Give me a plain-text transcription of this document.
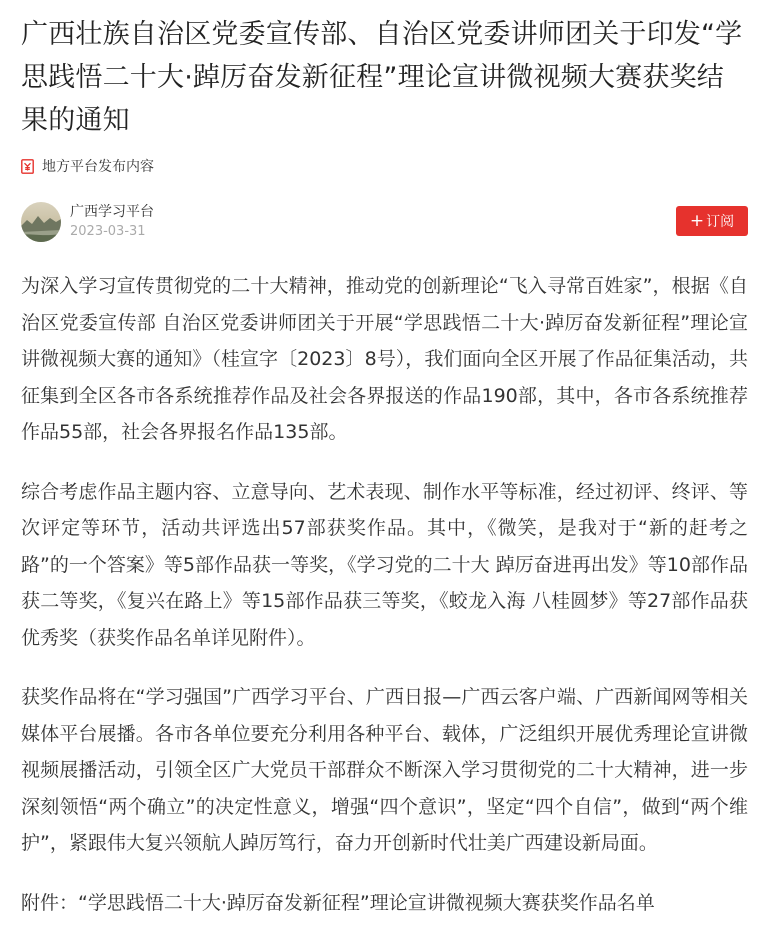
广西壮族自治区党委宣传部、自治区党委讲师团关于印发“学思践悟二十大·踔厉奋发新征程”理论宣讲微视频大赛获奖结果的通知
地方平台发布内容
广西学习平台
2023-03-31
+ 订阅

为深入学习宣传贯彻党的二十大精神，推动党的创新理论“飞入寻常百姓家”，根据《自治区党委宣传部 自治区党委讲师团关于开展“学思践悟二十大·踔厉奋发新征程”理论宣讲微视频大赛的通知》（桂宣字〔2023〕8号），我们面向全区开展了作品征集活动，共征集到全区各市各系统推荐作品及社会各界报送的作品190部，其中，各市各系统推荐作品55部，社会各界报名作品135部。

综合考虑作品主题内容、立意导向、艺术表现、制作水平等标准，经过初评、终评、等次评定等环节，活动共评选出57部获奖作品。其中，《微笑，是我对于“新的赶考之路”的一个答案》等5部作品获一等奖，《学习党的二十大 踔厉奋进再出发》等10部作品获二等奖，《复兴在路上》等15部作品获三等奖，《蛟龙入海 八桂圆梦》等27部作品获优秀奖（获奖作品名单详见附件）。

获奖作品将在“学习强国”广西学习平台、广西日报—广西云客户端、广西新闻网等相关媒体平台展播。各市各单位要充分利用各种平台、载体，广泛组织开展优秀理论宣讲微视频展播活动，引领全区广大党员干部群众不断深入学习贯彻党的二十大精神，进一步深刻领悟“两个确立”的决定性意义，增强“四个意识”，坚定“四个自信”，做到“两个维护”，紧跟伟大复兴领航人踔厉笃行，奋力开创新时代壮美广西建设新局面。

附件：“学思践悟二十大·踔厉奋发新征程”理论宣讲微视频大赛获奖作品名单
